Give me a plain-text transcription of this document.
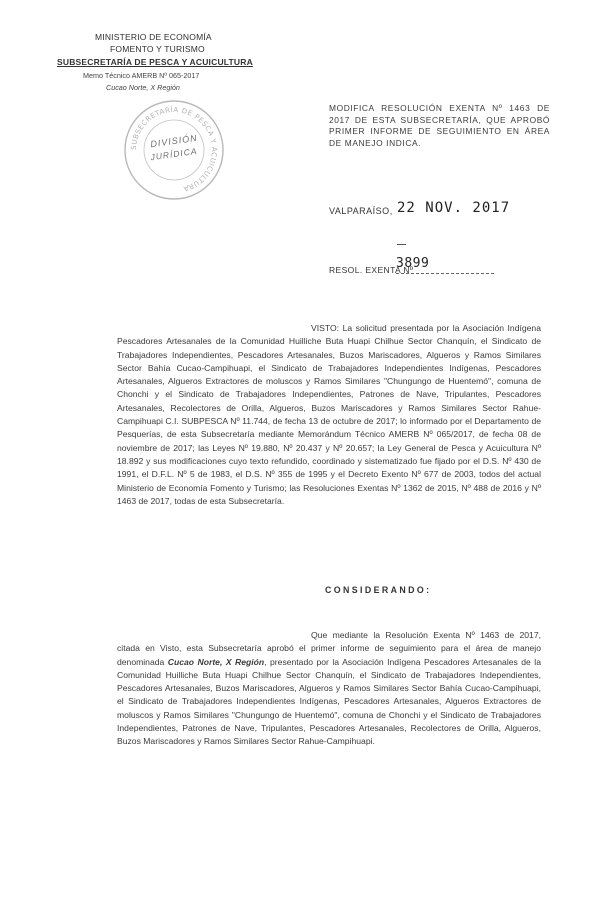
MINISTERIO DE ECONOMÍA
FOMENTO Y TURISMO
SUBSECRETARÍA DE PESCA Y ACUICULTURA
Memo Técnico AMERB Nº 065-2017
Cucao Norte, X Región
SUBSECRETARÍA DE PESCA Y ACUICULTURA
DIVISIÓN
JURÍDICA
MODIFICA RESOLUCIÓN EXENTA Nº 1463 DE 2017 DE ESTA SUBSECRETARÍA, QUE APROBÓ PRIMER INFORME DE SEGUIMIENTO EN ÁREA DE MANEJO INDICA.
VALPARAÍSO, 22 NOV. 2017
RESOL. EXENTA Nº
3899
VISTO: La solicitud presentada por la Asociación Indígena Pescadores Artesanales de la Comunidad Huilliche Buta Huapi Chilhue Sector Chanquín, el Sindicato de Trabajadores Independientes, Pescadores Artesanales, Buzos Mariscadores, Algueros y Ramos Similares Sector Bahía Cucao-Campihuapi, el Sindicato de Trabajadores Independientes Indígenas, Pescadores Artesanales, Algueros Extractores de moluscos y Ramos Similares "Chungungo de Huentemó", comuna de Chonchi y el Sindicato de Trabajadores Independientes, Patrones de Nave, Tripulantes, Pescadores Artesanales, Recolectores de Orilla, Algueros, Buzos Mariscadores y Ramos Similares Sector Rahue-Campihuapi C.I. SUBPESCA Nº 11.744, de fecha 13 de octubre de 2017; lo informado por el Departamento de Pesquerías, de esta Subsecretaría mediante Memorándum Técnico AMERB Nº 065/2017, de fecha 08 de noviembre de 2017; las Leyes Nº 19.880, Nº 20.437 y Nº 20.657; la Ley General de Pesca y Acuicultura Nº 18.892 y sus modificaciones cuyo texto refundido, coordinado y sistematizado fue fijado por el D.S. Nº 430 de 1991, el D.F.L. Nº 5 de 1983, el D.S. Nº 355 de 1995 y el Decreto Exento Nº 677 de 2003, todos del actual Ministerio de Economía Fomento y Turismo; las Resoluciones Exentas Nº 1362 de 2015, Nº 488 de 2016 y Nº 1463 de 2017, todas de esta Subsecretaría.
CONSIDERANDO:
Que mediante la Resolución Exenta Nº 1463 de 2017, citada en Visto, esta Subsecretaría aprobó el primer informe de seguimiento para el área de manejo denominada Cucao Norte, X Región, presentado por la Asociación Indígena Pescadores Artesanales de la Comunidad Huilliche Buta Huapi Chilhue Sector Chanquín, el Sindicato de Trabajadores Independientes, Pescadores Artesanales, Buzos Mariscadores, Algueros y Ramos Similares Sector Bahía Cucao-Campihuapi, el Sindicato de Trabajadores Independientes Indígenas, Pescadores Artesanales, Algueros Extractores de moluscos y Ramos Similares "Chungungo de Huentemó", comuna de Chonchi y el Sindicato de Trabajadores Independientes, Patrones de Nave, Tripulantes, Pescadores Artesanales, Recolectores de Orilla, Algueros, Buzos Mariscadores y Ramos Similares Sector Rahue-Campihuapi.
